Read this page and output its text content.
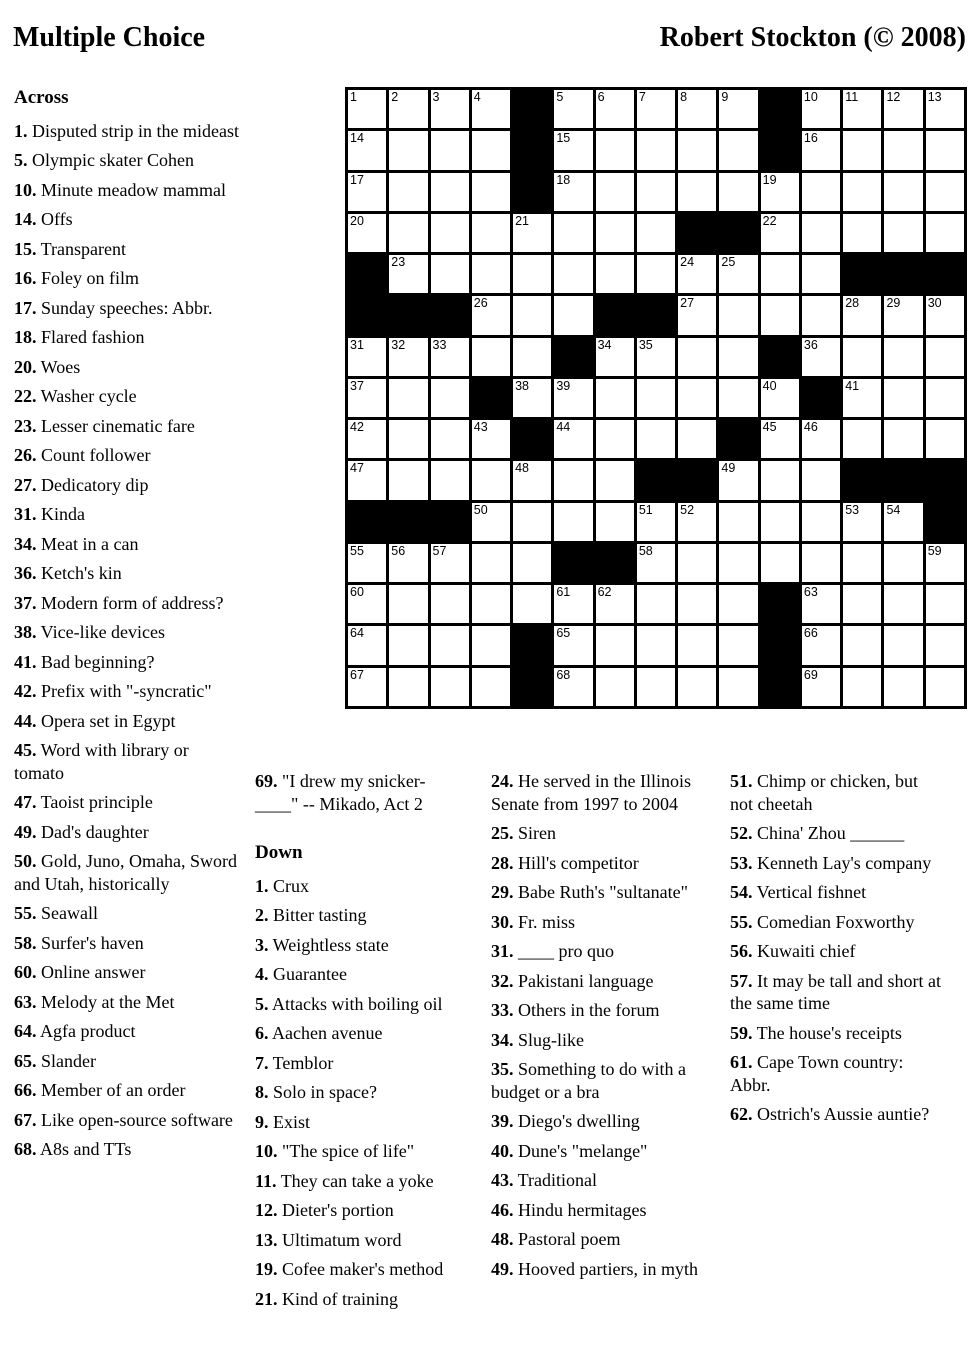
Multiple Choice	Robert Stockton (© 2008)
1	2	3	4	5	6	7	8	9	10 11 12 13
14	15	16
17	18	19
20	21	22
23	24 25
26	27	28 29 30
31 32 33	34 35	36
37	38 39	40	41
42	43	44	45 46
47	48	49
50	51 52	53 54
55 56 57	58	59
60	61 62	63
64	65	66
67	68	69
Across

1. Disputed strip in the mideast

5. Olympic skater Cohen

10. Minute meadow mammal

14. Offs

15. Transparent

16. Foley on film

17. Sunday speeches: Abbr.

18. Flared fashion

20. Woes

22. Washer cycle

23. Lesser cinematic fare

26. Count follower

27. Dedicatory dip

31. Kinda

34. Meat in a can

36. Ketch's kin

37. Modern form of address?

38. Vice-like devices

41. Bad beginning?

42. Prefix with "-syncratic"

44. Opera set in Egypt

45. Word with library or tomato

47. Taoist principle

49. Dad's daughter

50. Gold, Juno, Omaha, Sword and Utah, historically

55. Seawall

58. Surfer's haven

60. Online answer

63. Melody at the Met

64. Agfa product

65. Slander

66. Member of an order

67. Like open-source software

68. A8s and TTs

69. "I drew my snicker-____" -- Mikado, Act 2

Down

1. Crux

2. Bitter tasting

3. Weightless state

4. Guarantee

5. Attacks with boiling oil

6. Aachen avenue

7. Temblor

8. Solo in space?

9. Exist

10. "The spice of life"

11. They can take a yoke

12. Dieter's portion

13. Ultimatum word

19. Cofee maker's method

21. Kind of training

24. He served in the Illinois Senate from 1997 to 2004

25. Siren

28. Hill's competitor

29. Babe Ruth's "sultanate"

30. Fr. miss

31. ____ pro quo

32. Pakistani language

33. Others in the forum

34. Slug-like

35. Something to do with a budget or a bra

39. Diego's dwelling

40. Dune's "melange"

43. Traditional

46. Hindu hermitages

48. Pastoral poem

49. Hooved partiers, in myth

51. Chimp or chicken, but not cheetah

52. China' Zhou ______

53. Kenneth Lay's company

54. Vertical fishnet

55. Comedian Foxworthy

56. Kuwaiti chief

57. It may be tall and short at the same time

59. The house's receipts

61. Cape Town country: Abbr.

62. Ostrich's Aussie auntie?
